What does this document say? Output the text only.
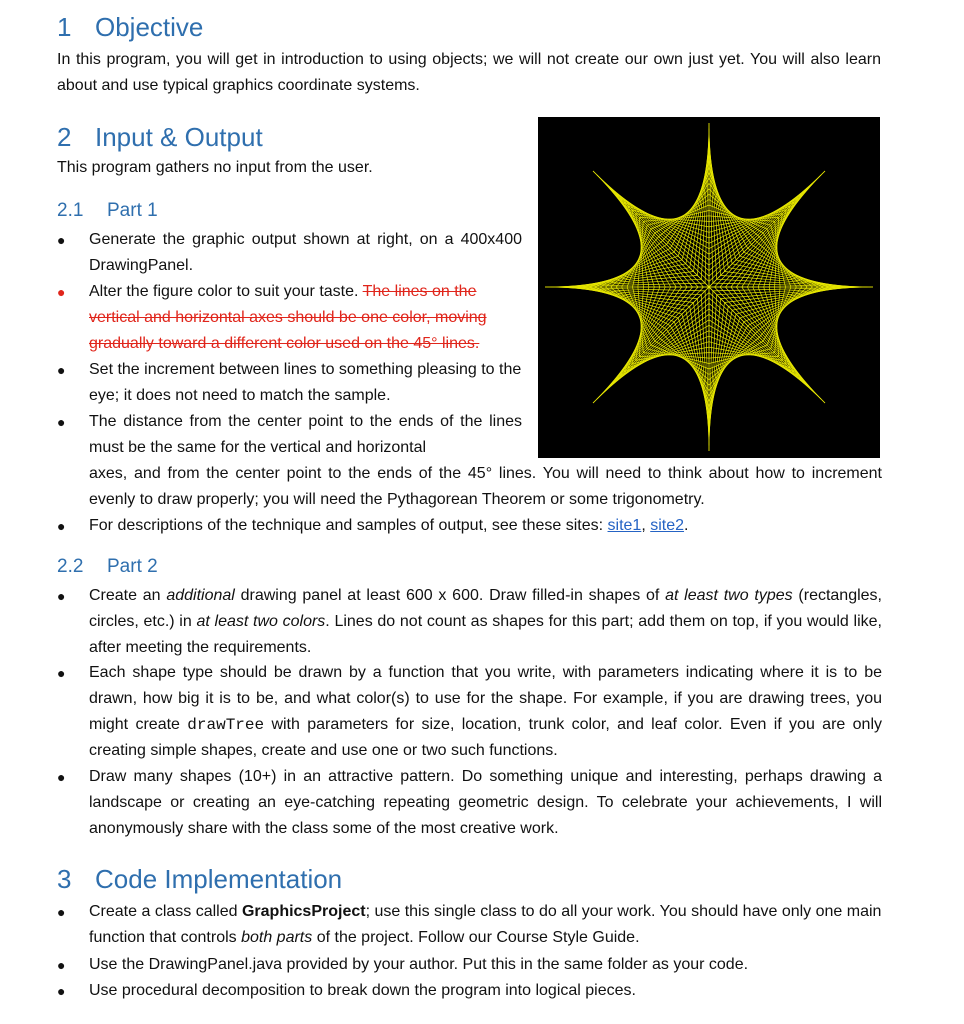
1 Objective
In this program, you will get in introduction to using objects; we will not create our own just yet. You will also learn about and use typical graphics coordinate systems.
2 Input & Output
This program gathers no input from the user.
2.1 Part 1
●	Generate the graphic output shown at right, on a 400x400 DrawingPanel.
●	Alter the figure color to suit your taste. The lines on the vertical and horizontal axes should be one color, moving gradually toward a different color used on the 45° lines.
●	Set the increment between lines to something pleasing to the eye; it does not need to match the sample.
●	The distance from the center point to the ends of the lines must be the same for the vertical and horizontal
axes, and from the center point to the ends of the 45° lines. You will need to think about how to increment evenly to draw properly; you will need the Pythagorean Theorem or some trigonometry.
●	For descriptions of the technique and samples of output, see these sites: site1, site2.
2.2 Part 2
●	Create an additional drawing panel at least 600 x 600. Draw filled-in shapes of at least two types (rectangles, circles, etc.) in at least two colors. Lines do not count as shapes for this part; add them on top, if you would like, after meeting the requirements.
●	Each shape type should be drawn by a function that you write, with parameters indicating where it is to be drawn, how big it is to be, and what color(s) to use for the shape. For example, if you are drawing trees, you might create drawTree with parameters for size, location, trunk color, and leaf color. Even if you are only creating simple shapes, create and use one or two such functions.
●	Draw many shapes (10+) in an attractive pattern. Do something unique and interesting, perhaps drawing a landscape or creating an eye-catching repeating geometric design. To celebrate your achievements, I will anonymously share with the class some of the most creative work.
3 Code Implementation
●	Create a class called GraphicsProject; use this single class to do all your work. You should have only one main function that controls both parts of the project. Follow our Course Style Guide.
●	Use the DrawingPanel.java provided by your author. Put this in the same folder as your code.
●	Use procedural decomposition to break down the program into logical pieces.
